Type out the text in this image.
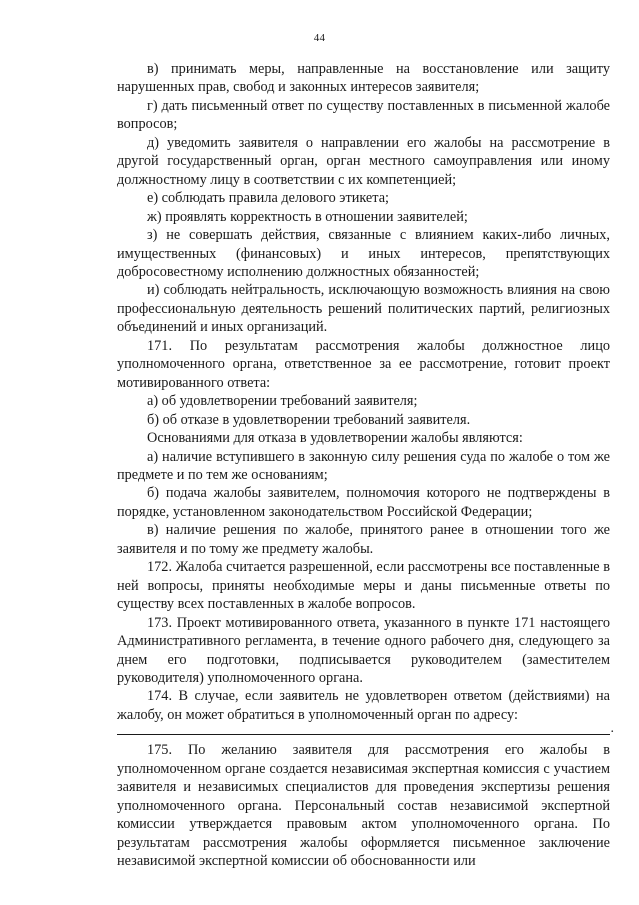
44

в) принимать меры, направленные на восстановление или защиту нарушенных прав, свобод и законных интересов заявителя;

г) дать письменный ответ по существу поставленных в письменной жалобе вопросов;

д) уведомить заявителя о направлении его жалобы на рассмотрение в другой государственный орган, орган местного самоуправления или иному должностному лицу в соответствии с их компетенцией;

е) соблюдать правила делового этикета;

ж) проявлять корректность в отношении заявителей;

з) не совершать действия, связанные с влиянием каких-либо личных, имущественных (финансовых) и иных интересов, препятствующих добросовестному исполнению должностных обязанностей;

и) соблюдать нейтральность, исключающую возможность влияния на свою профессиональную деятельность решений политических партий, религиозных объединений и иных организаций.

171. По результатам рассмотрения жалобы должностное лицо уполномоченного органа, ответственное за ее рассмотрение, готовит проект мотивированного ответа:

а) об удовлетворении требований заявителя;

б) об отказе в удовлетворении требований заявителя.

Основаниями для отказа в удовлетворении жалобы являются:

а) наличие вступившего в законную силу решения суда по жалобе о том же предмете и по тем же основаниям;

б) подача жалобы заявителем, полномочия которого не подтверждены в порядке, установленном законодательством Российской Федерации;

в) наличие решения по жалобе, принятого ранее в отношении того же заявителя и по тому же предмету жалобы.

172. Жалоба считается разрешенной, если рассмотрены все поставленные в ней вопросы, приняты необходимые меры и даны письменные ответы по существу всех поставленных в жалобе вопросов.

173. Проект мотивированного ответа, указанного в пункте 171 настоящего Административного регламента, в течение одного рабочего дня, следующего за днем его подготовки, подписывается руководителем (заместителем руководителя) уполномоченного органа.

174. В случае, если заявитель не удовлетворен ответом (действиями) на жалобу, он может обратиться в уполномоченный орган по адресу:

.

175. По желанию заявителя для рассмотрения его жалобы в уполномоченном органе создается независимая экспертная комиссия с участием заявителя и независимых специалистов для проведения экспертизы решения уполномоченного органа. Персональный состав независимой экспертной комиссии утверждается правовым актом уполномоченного органа. По результатам рассмотрения жалобы оформляется письменное заключение независимой экспертной комиссии об обоснованности или
